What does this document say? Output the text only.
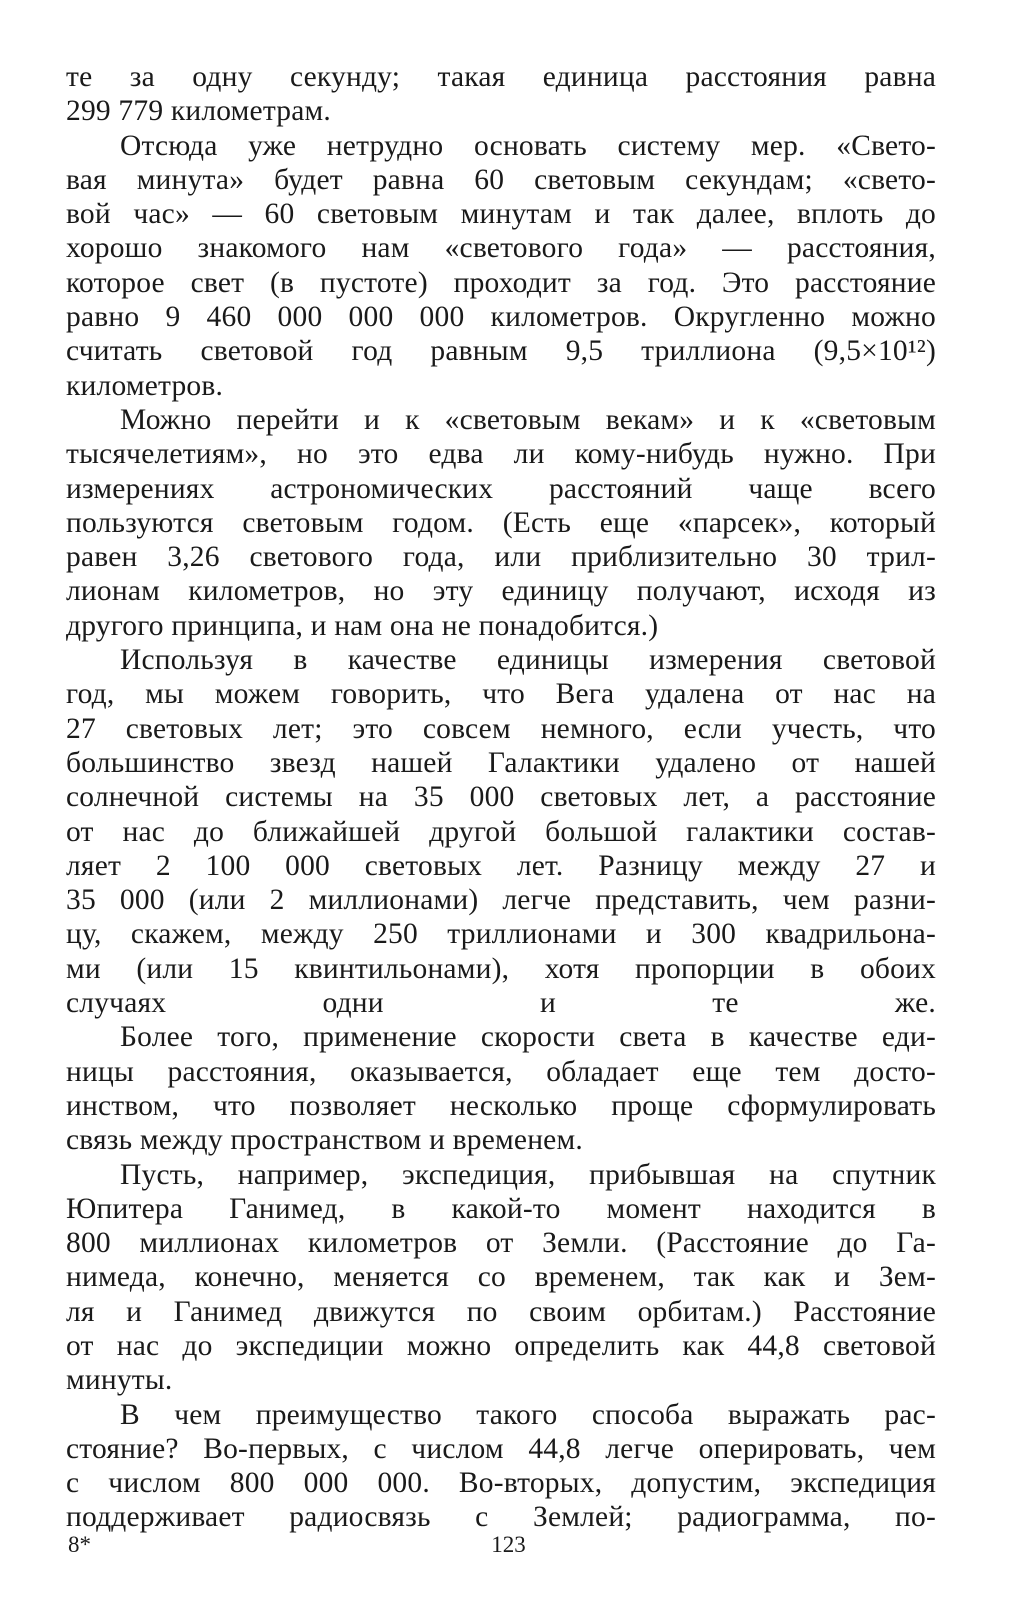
те за одну секунду; такая единица расстояния равна
299 779 километрам.
Отсюда уже нетрудно основать систему мер. «Свето-
вая минута» будет равна 60 световым секундам; «свето-
вой час» — 60 световым минутам и так далее, вплоть до
хорошо знакомого нам «светового года» — расстояния,
которое свет (в пустоте) проходит за год. Это расстояние
равно 9 460 000 000 000 километров. Округленно можно
считать световой год равным 9,5 триллиона (9,5×10¹²)
километров.
Можно перейти и к «световым векам» и к «световым
тысячелетиям», но это едва ли кому-нибудь нужно. При
измерениях астрономических расстояний чаще всего
пользуются световым годом. (Есть еще «парсек», который
равен 3,26 светового года, или приблизительно 30 трил-
лионам километров, но эту единицу получают, исходя из
другого принципа, и нам она не понадобится.)
Используя в качестве единицы измерения световой
год, мы можем говорить, что Вега удалена от нас на
27 световых лет; это совсем немного, если учесть, что
большинство звезд нашей Галактики удалено от нашей
солнечной системы на 35 000 световых лет, а расстояние
от нас до ближайшей другой большой галактики состав-
ляет 2 100 000 световых лет. Разницу между 27 и
35 000 (или 2 миллионами) легче представить, чем разни-
цу, скажем, между 250 триллионами и 300 квадрильона-
ми (или 15 квинтильонами), хотя пропорции в обоих
случаях одни и те же.
Более того, применение скорости света в качестве еди-
ницы расстояния, оказывается, обладает еще тем досто-
инством, что позволяет несколько проще сформулировать
связь между пространством и временем.
Пусть, например, экспедиция, прибывшая на спутник
Юпитера Ганимед, в какой-то момент находится в
800 миллионах километров от Земли. (Расстояние до Га-
нимеда, конечно, меняется со временем, так как и Зем-
ля и Ганимед движутся по своим орбитам.) Расстояние
от нас до экспедиции можно определить как 44,8 световой
минуты.
В чем преимущество такого способа выражать рас-
стояние? Во-первых, с числом 44,8 легче оперировать, чем
с числом 800 000 000. Во-вторых, допустим, экспедиция
поддерживает радиосвязь с Землей; радиограмма, по-
8*	123
